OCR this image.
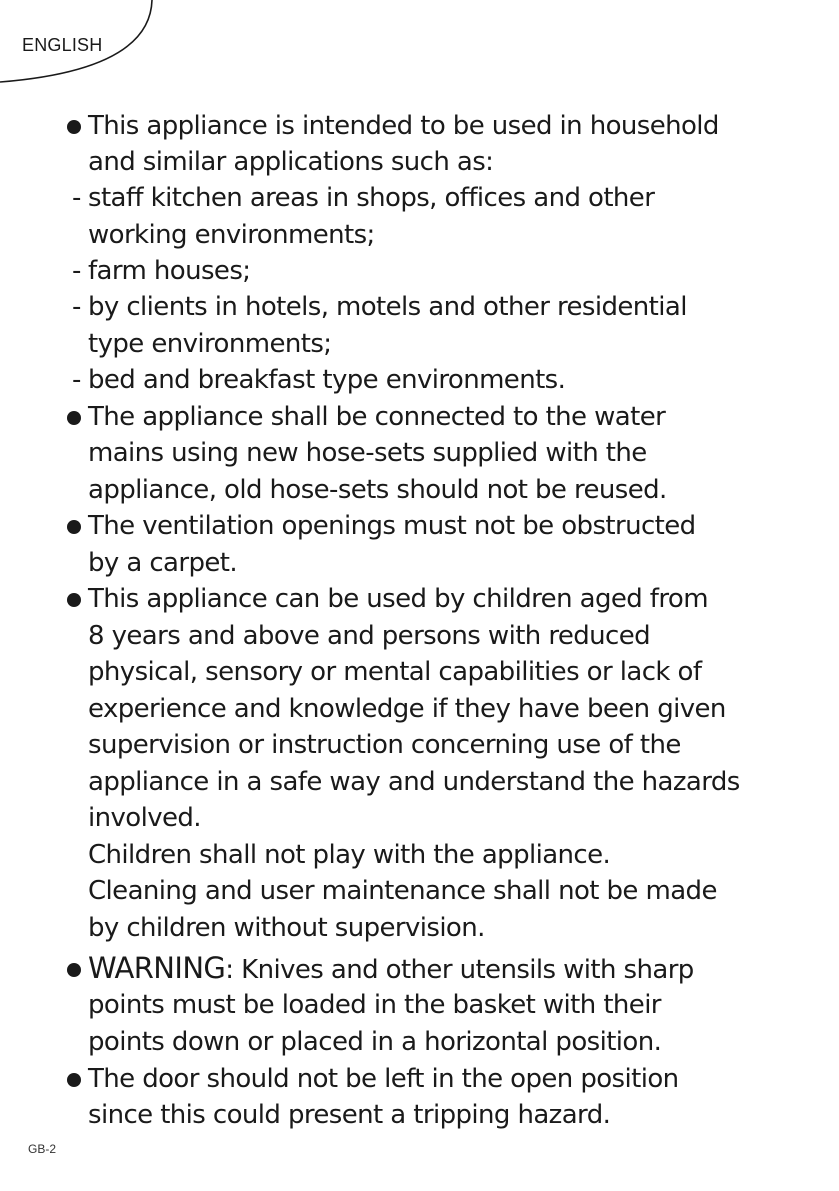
ENGLISH
This appliance is intended to be used in household
and similar applications such as:
- staff kitchen areas in shops, offices and other
working environments;
- farm houses;
- by clients in hotels, motels and other residential
type environments;
- bed and breakfast type environments.
The appliance shall be connected to the water
mains using new hose-sets supplied with the
appliance, old hose-sets should not be reused.
The ventilation openings must not be obstructed
by a carpet.
This appliance can be used by children aged from
8 years and above and persons with reduced
physical, sensory or mental capabilities or lack of
experience and knowledge if they have been given
supervision or instruction concerning use of the
appliance in a safe way and understand the hazards
involved.
Children shall not play with the appliance.
Cleaning and user maintenance shall not be made
by children without supervision.
WARNING: Knives and other utensils with sharp
points must be loaded in the basket with their
points down or placed in a horizontal position.
The door should not be left in the open position
since this could present a tripping hazard.
GB-2
